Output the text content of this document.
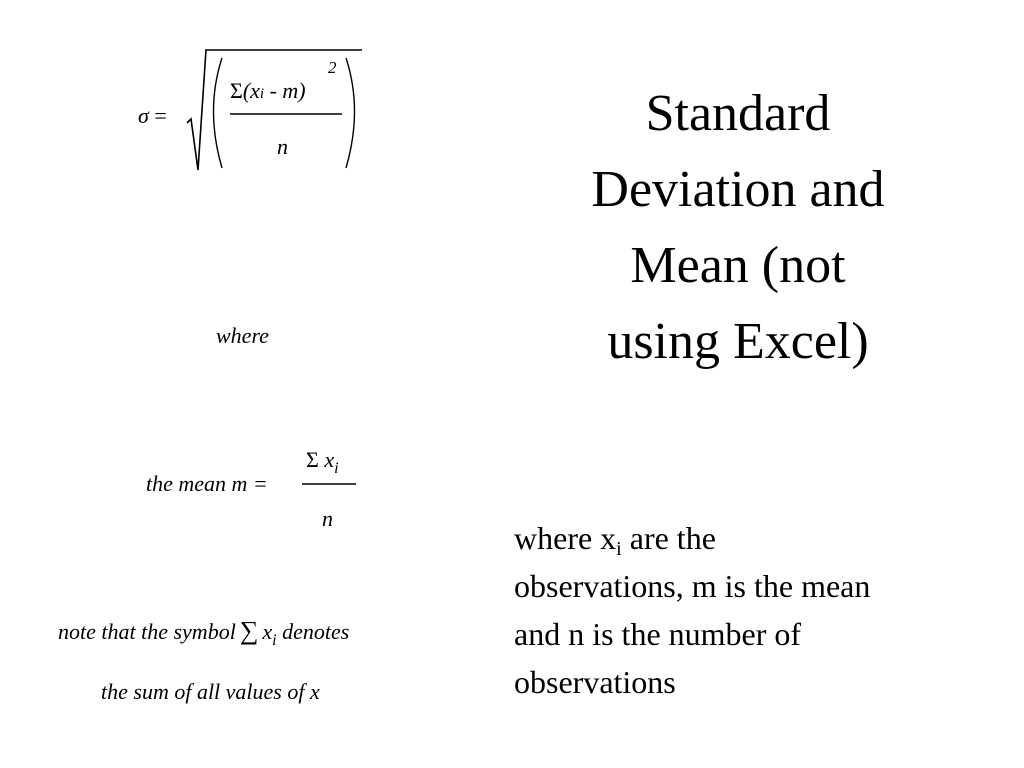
Standard
Deviation and
Mean (not
using Excel)
σ =
Σ(xi - m)
2
n
where
the mean m =
Σ $x_i$
n
note that the symbol ∑ $x_i$ denotes
the sum of all values of x
where $x_i$ are the
observations, m is the mean
and n is the number of
observations
